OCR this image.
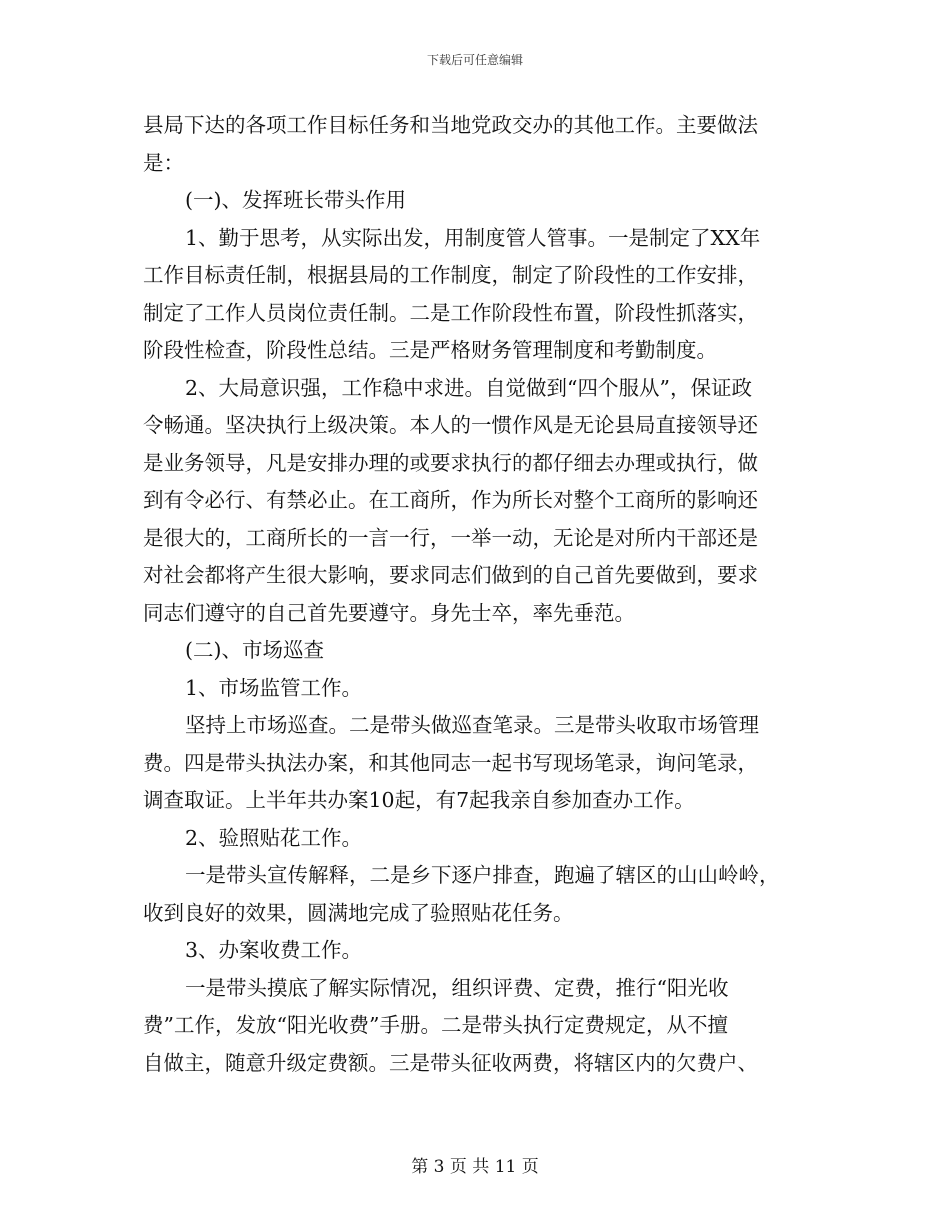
下载后可任意编辑
县局下达的各项工作目标任务和当地党政交办的其他工作。主要做法
是：
(一)、发挥班长带头作用
1、勤于思考，从实际出发，用制度管人管事。一是制定了XX年
工作目标责任制，根据县局的工作制度，制定了阶段性的工作安排，
制定了工作人员岗位责任制。二是工作阶段性布置，阶段性抓落实，
阶段性检查，阶段性总结。三是严格财务管理制度和考勤制度。
2、大局意识强，工作稳中求进。自觉做到“四个服从”，保证政
令畅通。坚决执行上级决策。本人的一惯作风是无论县局直接领导还
是业务领导，凡是安排办理的或要求执行的都仔细去办理或执行，做
到有令必行、有禁必止。在工商所，作为所长对整个工商所的影响还
是很大的，工商所长的一言一行，一举一动，无论是对所内干部还是
对社会都将产生很大影响，要求同志们做到的自己首先要做到，要求
同志们遵守的自己首先要遵守。身先士卒，率先垂范。
(二)、市场巡查
1、市场监管工作。
坚持上市场巡查。二是带头做巡查笔录。三是带头收取市场管理
费。四是带头执法办案，和其他同志一起书写现场笔录，询问笔录，
调查取证。上半年共办案10起，有7起我亲自参加查办工作。
2、验照贴花工作。
一是带头宣传解释，二是乡下逐户排查，跑遍了辖区的山山岭岭，
收到良好的效果，圆满地完成了验照贴花任务。
3、办案收费工作。
一是带头摸底了解实际情况，组织评费、定费，推行“阳光收
费”工作，发放“阳光收费”手册。二是带头执行定费规定，从不擅
自做主，随意升级定费额。三是带头征收两费，将辖区内的欠费户、
第 3 页 共 11 页
